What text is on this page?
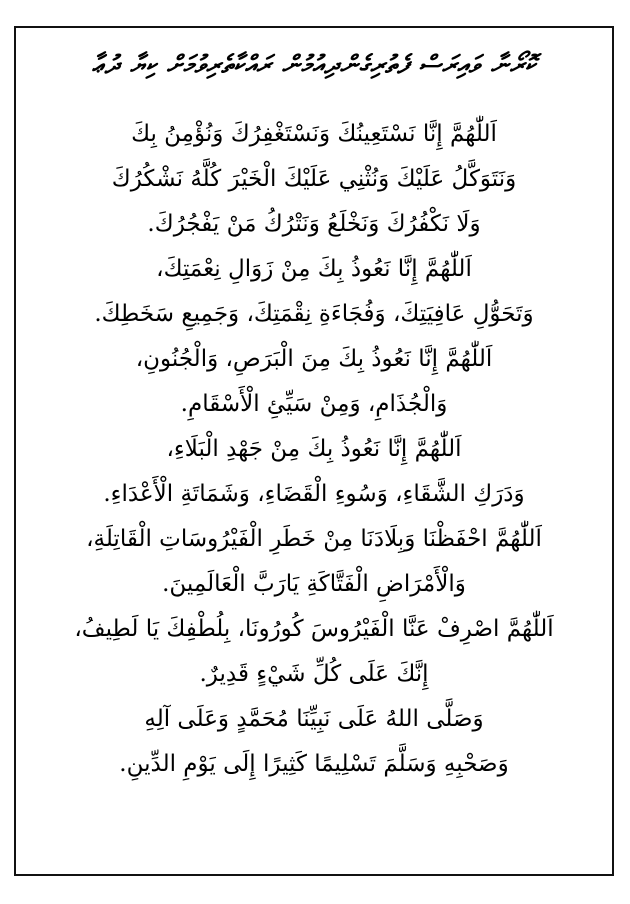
ކޮރޯނާ ވައިރަސް ފެތުރިގެންދިއުމުން ރައްކާތެރިވުމަށް ކިޔާ ދުޢާ
اَللّٰهُمَّ إِنَّا نَسْتَعِينُكَ وَنَسْتَغْفِرُكَ وَنُؤْمِنُ بِكَ
وَنَتَوَكَّلُ عَلَيْكَ وَنُثْنِي عَلَيْكَ الْخَيْرَ كُلَّهُ نَشْكُرُكَ
وَلَا نَكْفُرُكَ وَنَخْلَعُ وَنَتْرُكُ مَنْ يَفْجُرُكَ.
اَللّٰهُمَّ إِنَّا نَعُوذُ بِكَ مِنْ زَوَالِ نِعْمَتِكَ،
وَتَحَوُّلِ عَافِيَتِكَ، وَفُجَاءَةِ نِقْمَتِكَ، وَجَمِيعِ سَخَطِكَ.
اَللّٰهُمَّ إِنَّا نَعُوذُ بِكَ مِنَ الْبَرَصِ، وَالْجُنُونِ،
وَالْجُذَامِ، وَمِنْ سَيِّئِ الْأَسْقَامِ.
اَللّٰهُمَّ إِنَّا نَعُوذُ بِكَ مِنْ جَهْدِ الْبَلَاءِ،
وَدَرَكِ الشَّقَاءِ، وَسُوءِ الْقَضَاءِ، وَشَمَاتَةِ الْأَعْدَاءِ.
اَللّٰهُمَّ احْفَظْنَا وَبِلَادَنَا مِنْ خَطَرِ الْفَيْرُوسَاتِ الْقَاتِلَةِ،
وَالْأَمْرَاضِ الْفَتَّاكَةِ يَارَبَّ الْعَالَمِينَ.
اَللّٰهُمَّ اصْرِفْ عَنَّا الْفَيْرُوسَ كُورُونَا، بِلُطْفِكَ يَا لَطِيفُ،
إِنَّكَ عَلَى كُلِّ شَيْءٍ قَدِيرٌ.
وَصَلَّى اللهُ عَلَى نَبِيِّنَا مُحَمَّدٍ وَعَلَى آلِهِ
وَصَحْبِهِ وَسَلَّمَ تَسْلِيمًا كَثِيرًا إِلَى يَوْمِ الدِّينِ.
